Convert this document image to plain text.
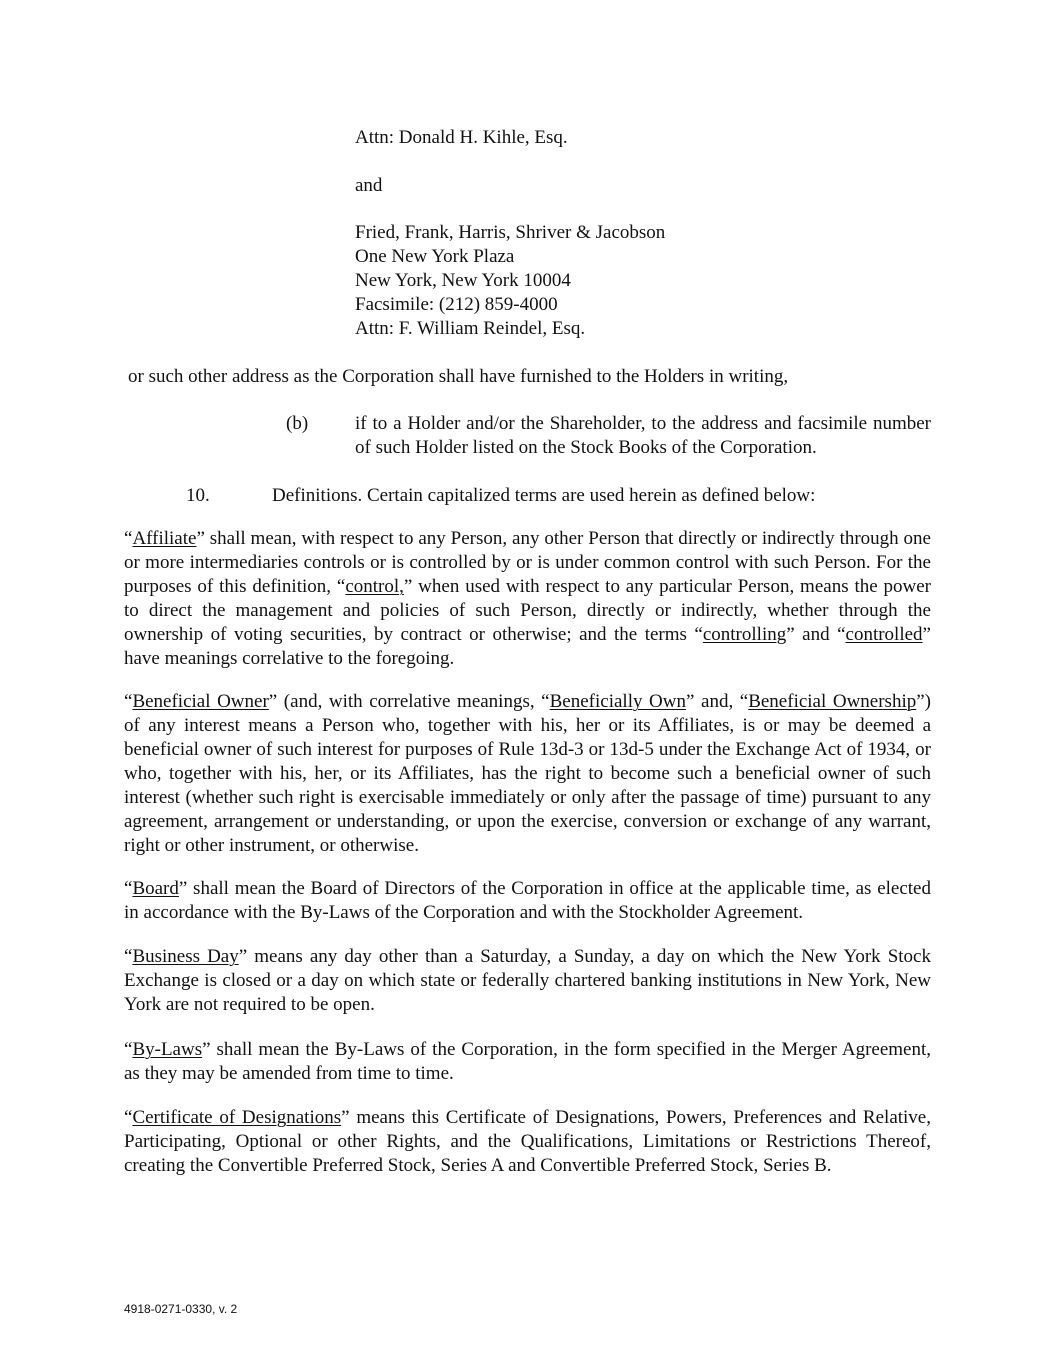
Attn: Donald H. Kihle, Esq.
and
Fried, Frank, Harris, Shriver & Jacobson
One New York Plaza
New York, New York 10004
Facsimile: (212) 859-4000
Attn: F. William Reindel, Esq.
or such other address as the Corporation shall have furnished to the Holders in writing,
(b) if to a Holder and/or the Shareholder, to the address and facsimile number of such Holder listed on the Stock Books of the Corporation.
10.	Definitions. Certain capitalized terms are used herein as defined below:

“Affiliate” shall mean, with respect to any Person, any other Person that directly or indirectly through one or more intermediaries controls or is controlled by or is under common control with such Person. For the purposes of this definition, “control,” when used with respect to any particular Person, means the power to direct the management and policies of such Person, directly or indirectly, whether through the ownership of voting securities, by contract or otherwise; and the terms “controlling” and “controlled” have meanings correlative to the foregoing.

“Beneficial Owner” (and, with correlative meanings, “Beneficially Own” and, “Beneficial Ownership”) of any interest means a Person who, together with his, her or its Affiliates, is or may be deemed a beneficial owner of such interest for purposes of Rule 13d-3 or 13d-5 under the Exchange Act of 1934, or who, together with his, her, or its Affiliates, has the right to become such a beneficial owner of such interest (whether such right is exercisable immediately or only after the passage of time) pursuant to any agreement, arrangement or understanding, or upon the exercise, conversion or exchange of any warrant, right or other instrument, or otherwise.

“Board” shall mean the Board of Directors of the Corporation in office at the applicable time, as elected in accordance with the By-Laws of the Corporation and with the Stockholder Agreement.

“Business Day” means any day other than a Saturday, a Sunday, a day on which the New York Stock Exchange is closed or a day on which state or federally chartered banking institutions in New York, New York are not required to be open.

“By-Laws” shall mean the By-Laws of the Corporation, in the form specified in the Merger Agreement, as they may be amended from time to time.

“Certificate of Designations” means this Certificate of Designations, Powers, Preferences and Relative, Participating, Optional or other Rights, and the Qualifications, Limitations or Restrictions Thereof, creating the Convertible Preferred Stock, Series A and Convertible Preferred Stock, Series B.

4918-0271-0330, v. 2
